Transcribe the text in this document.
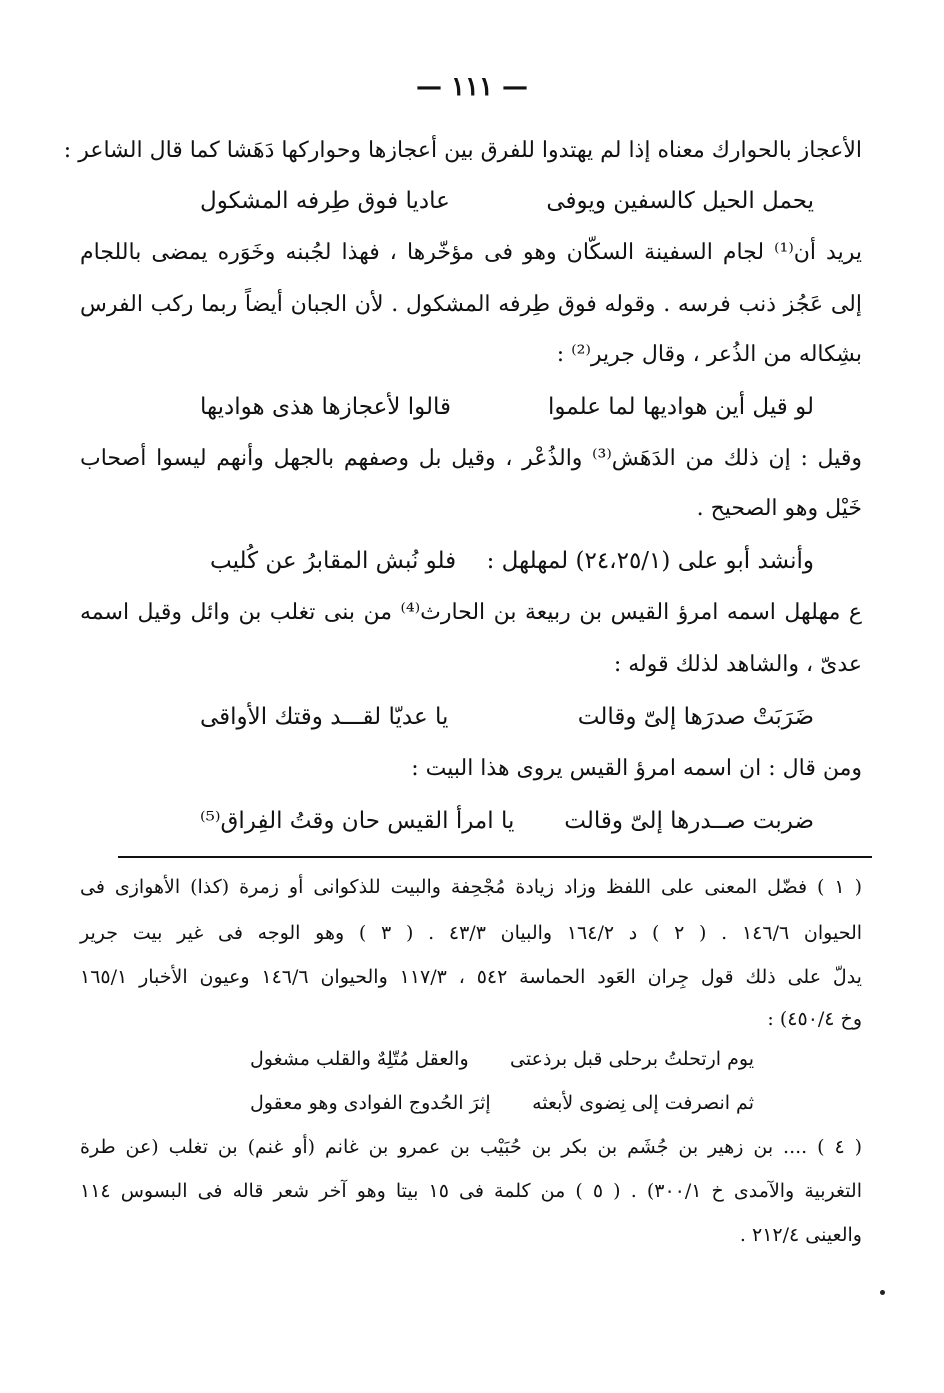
— ١١١ —
الأعجاز بالحوارك معناه إذا لم يهتدوا للفرق بين أعجازها وحواركها دَهَشا كما قال الشاعر :
يحمل الحيل كالسفين ويوفى
عاديا فوق طِرفه المشكول
يريد أن⁽¹⁾ لجام السفينة السكّان وهو فى مؤخّرها ، فهذا لجُبنه وخَوَره يمضى باللجام
إلى عَجُز ذنب فرسه . وقوله فوق طِرفه المشكول . لأن الجبان أيضاً ربما ركب الفرس
بشِكاله من الذُعر ، وقال جرير⁽²⁾ :
لو قيل أين هواديها لما علموا
قالوا لأعجازها هذى هواديها
وقيل : إن ذلك من الدَهَش⁽³⁾ والذُعْر ، وقيل بل وصفهم بالجهل وأنهم ليسوا أصحاب
خَيْل وهو الصحيح .
وأنشد أبو على (٢٤،٢٥/١) لمهلهل :
فلو نُبش المقابرُ عن كُليب
ع مهلهل اسمه امرؤ القيس بن ربيعة بن الحارث⁽⁴⁾ من بنى تغلب بن وائل وقيل اسمه
عدىّ ، والشاهد لذلك قوله :
ضَرَبَتْ صدرَها إلىّ وقالت
يا عديّا لقـــد وقتك الأواقى
ومن قال : ان اسمه امرؤ القيس يروى هذا البيت :
ضربت صــدرها إلىّ وقالت
يا امرأ القيس حان وقتُ الفِراق⁽⁵⁾
( ١ ) فضّل المعنى على اللفظ وزاد زيادة مُجْحِفة والبيت للذكوانى أو زمرة (كذا) الأهوازى فى
الحيوان ١٤٦/٦ . ( ٢ ) د ١٦٤/٢ والبيان ٤٣/٣ . ( ٣ ) وهو الوجه فى غير بيت جرير
يدلّ على ذلك قول جِران العَود الحماسة ٥٤٢ ، ١١٧/٣ والحيوان ١٤٦/٦ وعيون الأخبار ١٦٥/١
وخ ٤٥٠/٤) :
يوم ارتحلتُ برحلى قبل برذعتى
والعقل مُتّلِهٌ والقلب مشغول
ثم انصرفت إلى نِضوى لأبعثه
إثرَ الحُدوج الفوادى وهو معقول
( ٤ ) .... بن زهير بن جُشَم بن بكر بن حُبَيْب بن عمرو بن غانم (أو غنم) بن تغلب (عن طرة
التغربية والآمدى خ ٣٠٠/١) . ( ٥ ) من كلمة فى ١٥ بيتا وهو آخر شعر قاله فى البسوس ١١٤
والعينى ٢١٢/٤ .
